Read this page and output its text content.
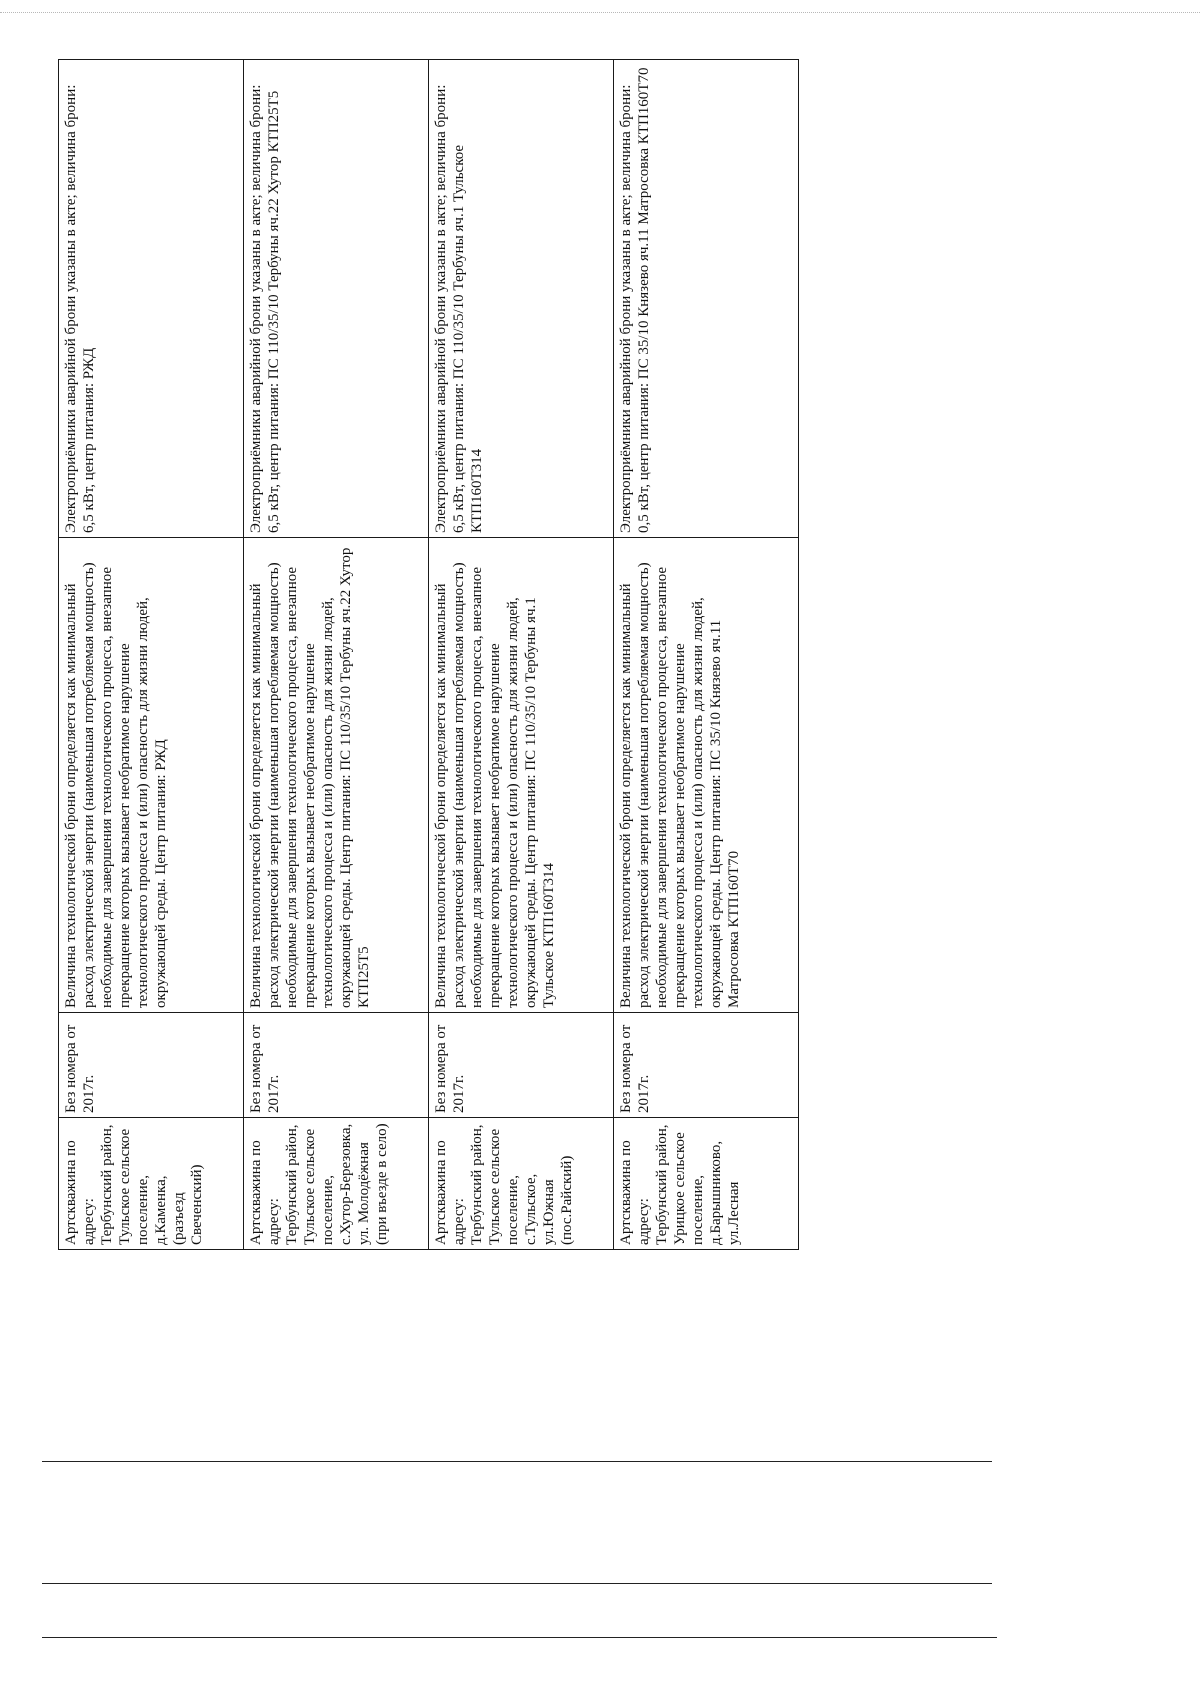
Артскважина по адресу: Тербунский район, Тульское сельское поселение, д.Каменка, (разъезд Свеченский)	Без номера от 2017г.	Величина технологической брони определяется как минимальный расход электрической энергии (наименьшая потребляемая мощность) необходимые для завершения технологического процесса, внезапное прекращение которых вызывает необратимое нарушение технологического процесса и (или) опасность для жизни людей, окружающей среды. Центр питания: РЖД	Электроприёмники аварийной брони указаны в акте; величина брони: 6,5 кВт, центр питания: РЖД
Артскважина по адресу: Тербунский район, Тульское сельское поселение, с.Хутор-Березовка, ул. Молодёжная (при въезде в село)	Без номера от 2017г.	Величина технологической брони определяется как минимальный расход электрической энергии (наименьшая потребляемая мощность) необходимые для завершения технологического процесса, внезапное прекращение которых вызывает необратимое нарушение технологического процесса и (или) опасность для жизни людей, окружающей среды. Центр питания: ПС 110/35/10 Тербуны яч.22 Хутор КТП25Т5	Электроприёмники аварийной брони указаны в акте; величина брони: 6,5 кВт, центр питания: ПС 110/35/10 Тербуны яч.22 Хутор КТП25Т5
Артскважина по адресу: Тербунский район, Тульское сельское поселение, с.Тульское, ул.Южная (пос.Райский)	Без номера от 2017г.	Величина технологической брони определяется как минимальный расход электрической энергии (наименьшая потребляемая мощность) необходимые для завершения технологического процесса, внезапное прекращение которых вызывает необратимое нарушение технологического процесса и (или) опасность для жизни людей, окружающей среды. Центр питания: ПС 110/35/10 Тербуны яч.1 Тульское КТП160Т314	Электроприёмники аварийной брони указаны в акте; величина брони: 6,5 кВт, центр питания: ПС 110/35/10 Тербуны яч.1 Тульское КТП160Т314
Артскважина по адресу: Тербунский район, Урицкое сельское поселение, д.Барышниково, ул.Лесная	Без номера от 2017г.	Величина технологической брони определяется как минимальный расход электрической энергии (наименьшая потребляемая мощность) необходимые для завершения технологического процесса, внезапное прекращение которых вызывает необратимое нарушение технологического процесса и (или) опасность для жизни людей, окружающей среды. Центр питания: ПС 35/10 Князево яч.11 Матросовка КТП160Т70	Электроприёмники аварийной брони указаны в акте; величина брони: 0,5 кВт, центр питания: ПС 35/10 Князево яч.11 Матросовка КТП160Т70
